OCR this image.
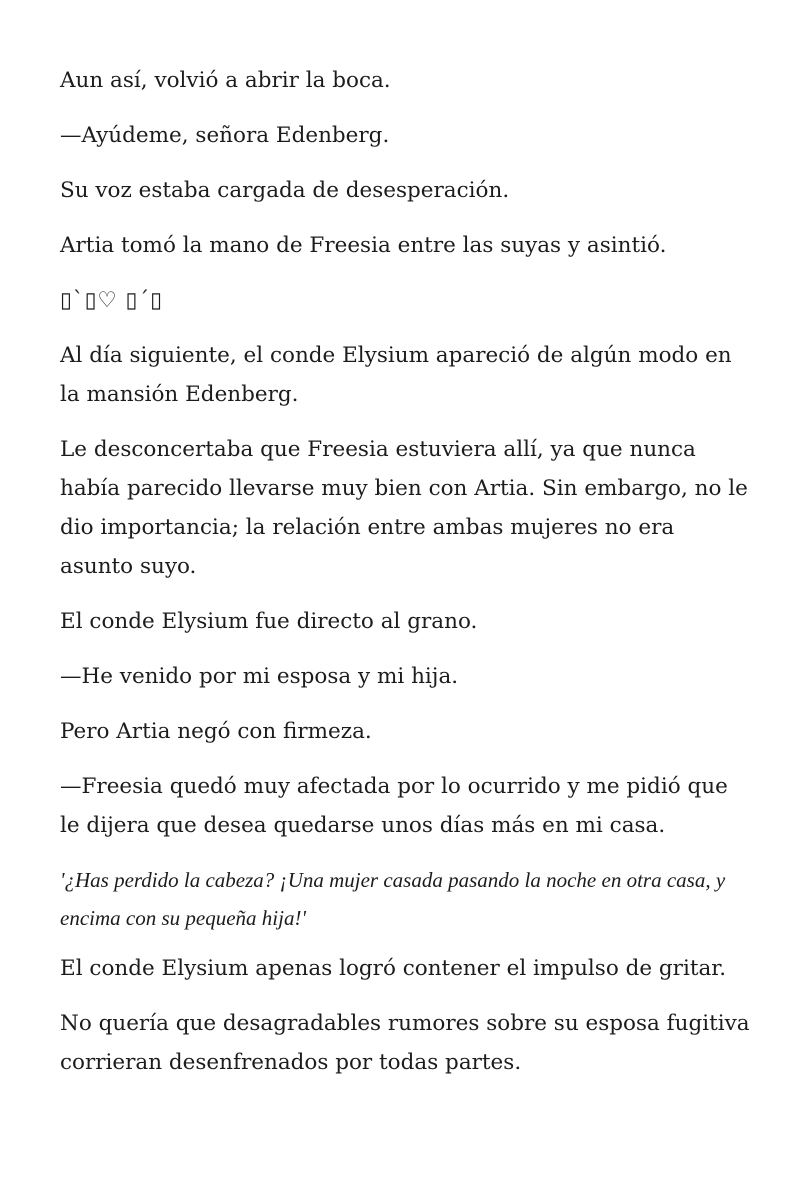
Aun así, volvió a abrir la boca.

—Ayúdeme, señora Edenberg.

Su voz estaba cargada de desesperación.

Artia tomó la mano de Freesia entre las suyas y asintió.

▯`▯♡ ▯´▯

Al día siguiente, el conde Elysium apareció de algún modo en la mansión Edenberg.

Le desconcertaba que Freesia estuviera allí, ya que nunca había parecido llevarse muy bien con Artia. Sin embargo, no le dio importancia; la relación entre ambas mujeres no era asunto suyo.

El conde Elysium fue directo al grano.

—He venido por mi esposa y mi hija.

Pero Artia negó con firmeza.

—Freesia quedó muy afectada por lo ocurrido y me pidió que le dijera que desea quedarse unos días más en mi casa.

'¿Has perdido la cabeza? ¡Una mujer casada pasando la noche en otra casa, y encima con su pequeña hija!'

El conde Elysium apenas logró contener el impulso de gritar.

No quería que desagradables rumores sobre su esposa fugitiva corrieran desenfrenados por todas partes.
